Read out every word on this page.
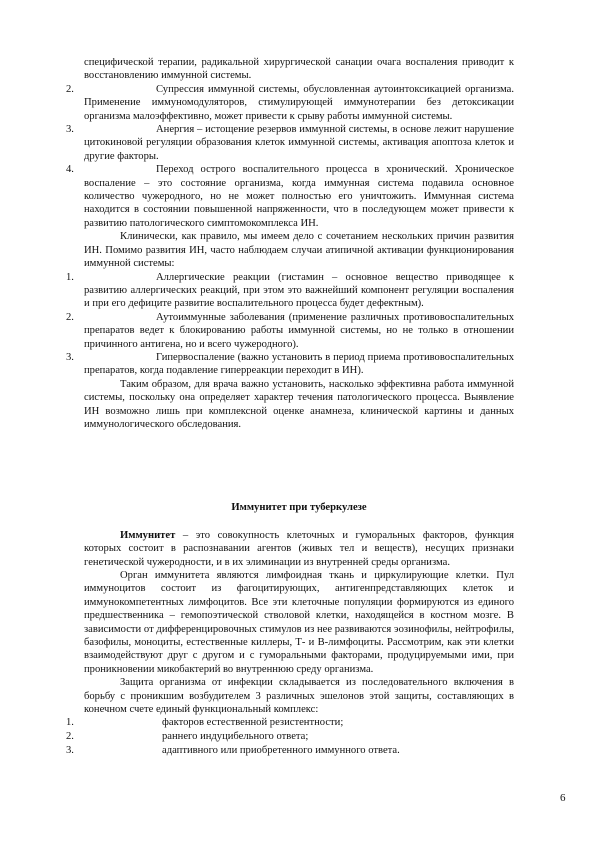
специфической терапии, радикальной хирургической санации очага воспаления приводит к восстановлению иммунной системы.

2.	Супрессия иммунной системы, обусловленная аутоинтоксикацией организма. Применение иммуномодуляторов, стимулирующей иммунотерапии без детоксикации организма малоэффективно, может привести к срыву работы иммунной системы.

3.	Анергия – истощение резервов иммунной системы, в основе лежит нарушение цитокиновой регуляции образования клеток иммунной системы, активация апоптоза клеток и другие факторы.

4.	Переход острого воспалительного процесса в хронический. Хроническое воспаление – это состояние организма, когда иммунная система подавила основное количество чужеродного, но не может полностью его уничтожить. Иммунная система находится в состоянии повышенной напряженности, что в последующем может привести к развитию патологического симптомокомплекса ИН.

Клинически, как правило, мы имеем дело с сочетанием нескольких причин развития ИН. Помимо развития ИН, часто наблюдаем случаи атипичной активации функционирования иммунной системы:

1.	Аллергические реакции (гистамин – основное вещество приводящее к развитию аллергических реакций, при этом это важнейший компонент регуляции воспаления и при его дефиците развитие воспалительного процесса будет дефектным).

2.	Аутоиммунные заболевания (применение различных противовоспалительных препаратов ведет к блокированию работы иммунной системы, но не только в отношении причинного антигена, но и всего чужеродного).

3.	Гипервоспаление (важно установить в период приема противовоспалительных препаратов, когда подавление гиперреакции переходит в ИН).

Таким образом, для врача важно установить, насколько эффективна работа иммунной системы, поскольку она определяет характер течения патологического процесса. Выявление ИН возможно лишь при комплексной оценке анамнеза, клинической картины и данных иммунологического обследования.

Иммунитет при туберкулезе

Иммунитет – это совокупность клеточных и гуморальных факторов, функция которых состоит в распознавании агентов (живых тел и веществ), несущих признаки генетической чужеродности, и в их элиминации из внутренней среды организма.

Орган иммунитета являются лимфоидная ткань и циркулирующие клетки. Пул иммуноцитов состоит из фагоцитирующих, антигенпредставляющих клеток и иммунокомпетентных лимфоцитов. Все эти клеточные популяции формируются из единого предшественника – гемопоэтической стволовой клетки, находящейся в костном мозге. В зависимости от дифференцировочных стимулов из нее развиваются эозинофилы, нейтрофилы, базофилы, моноциты, естественные киллеры, Т- и В-лимфоциты. Рассмотрим, как эти клетки взаимодействуют друг с другом и с гуморальными факторами, продуцируемыми ими, при проникновении микобактерий во внутреннюю среду организма.

Защита организма от инфекции складывается из последовательного включения в борьбу с проникшим возбудителем 3 различных эшелонов этой защиты, составляющих в конечном счете единый функциональный комплекс:

1.	факторов естественной резистентности;
2.	раннего индуцибельного ответа;
3.	адаптивного или приобретенного иммунного ответа.
6
